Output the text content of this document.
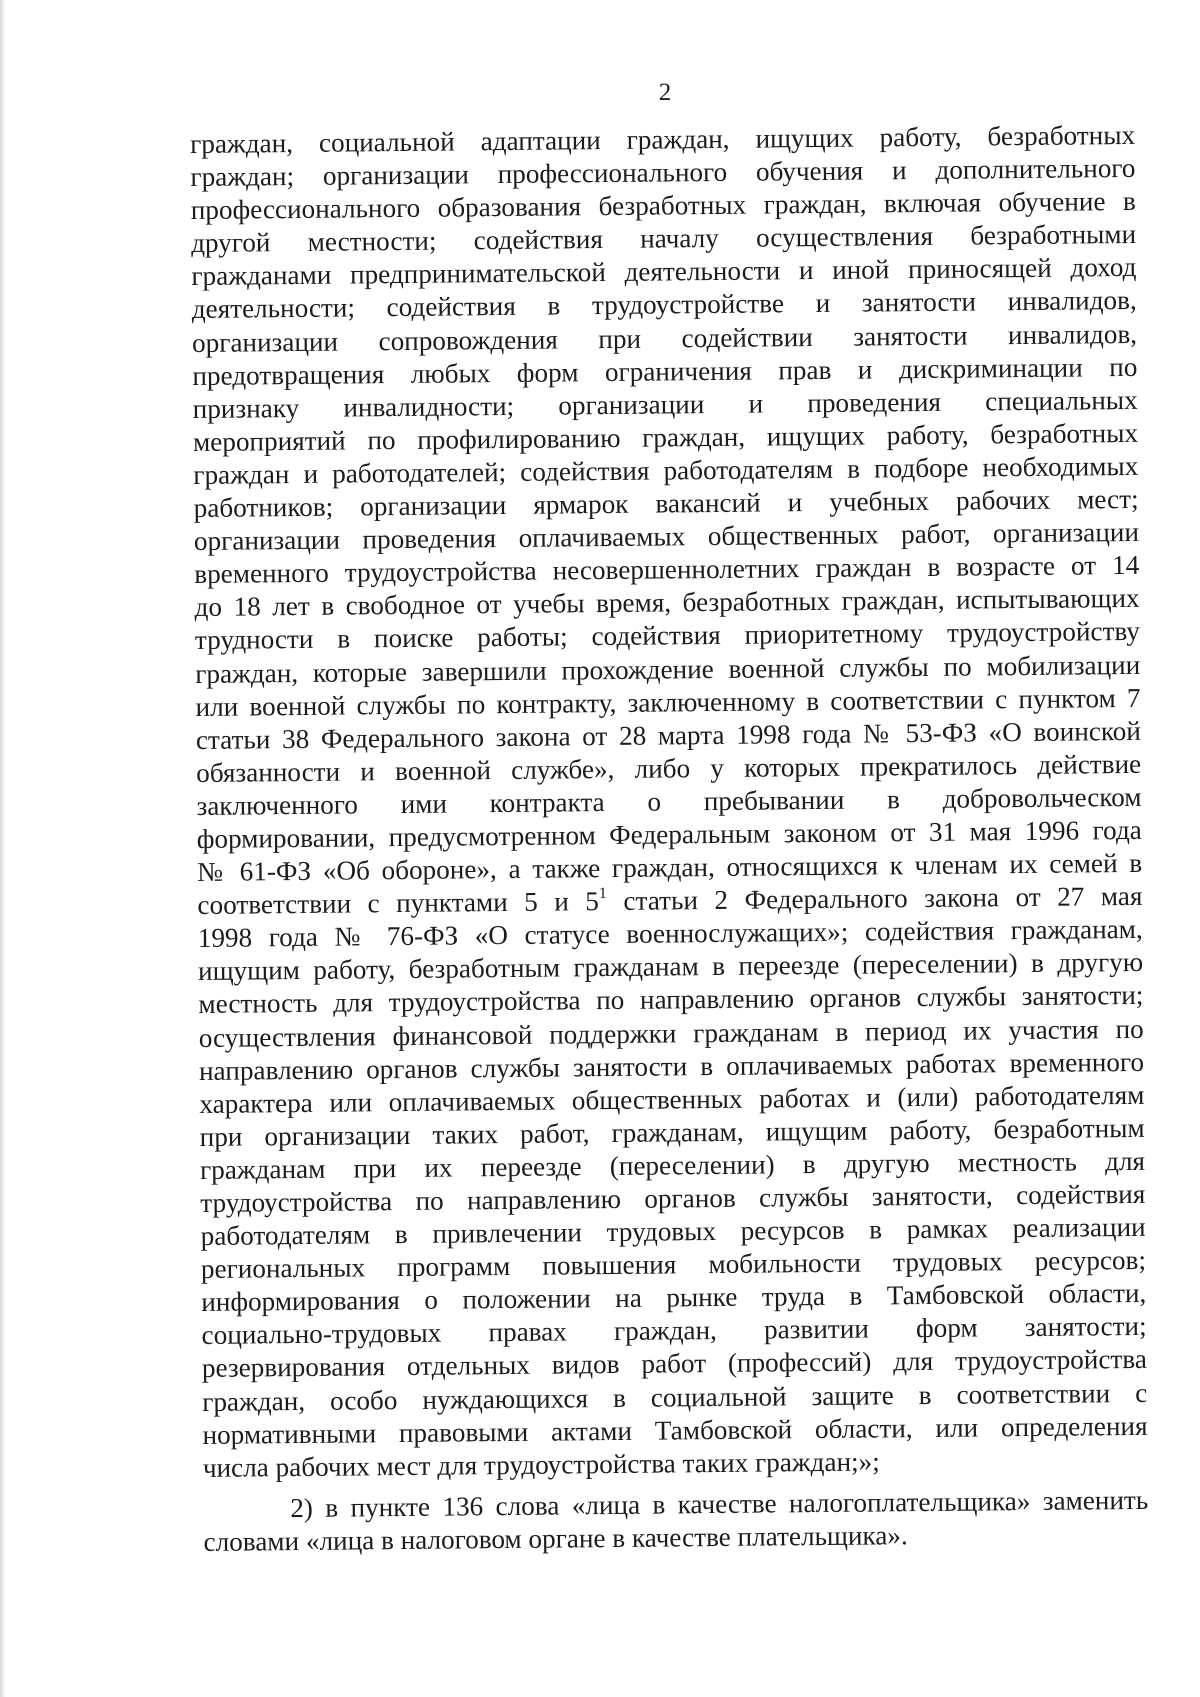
2
граждан, социальной адаптации граждан, ищущих работу, безработных
граждан; организации профессионального обучения и дополнительного
профессионального образования безработных граждан, включая обучение в
другой местности; содействия началу осуществления безработными
гражданами предпринимательской деятельности и иной приносящей доход
деятельности; содействия в трудоустройстве и занятости инвалидов,
организации сопровождения при содействии занятости инвалидов,
предотвращения любых форм ограничения прав и дискриминации по
признаку инвалидности; организации и проведения специальных
мероприятий по профилированию граждан, ищущих работу, безработных
граждан и работодателей; содействия работодателям в подборе необходимых
работников; организации ярмарок вакансий и учебных рабочих мест;
организации проведения оплачиваемых общественных работ, организации
временного трудоустройства несовершеннолетних граждан в возрасте от 14
до 18 лет в свободное от учебы время, безработных граждан, испытывающих
трудности в поиске работы; содействия приоритетному трудоустройству
граждан, которые завершили прохождение военной службы по мобилизации
или военной службы по контракту, заключенному в соответствии с пунктом 7
статьи 38 Федерального закона от 28 марта 1998 года № 53-ФЗ «О воинской
обязанности и военной службе», либо у которых прекратилось действие
заключенного ими контракта о пребывании в добровольческом
формировании, предусмотренном Федеральным законом от 31 мая 1996 года
№ 61-ФЗ «Об обороне», а также граждан, относящихся к членам их семей в
соответствии с пунктами 5 и $5^1$ статьи 2 Федерального закона от 27 мая
1998 года № 76-ФЗ «О статусе военнослужащих»; содействия гражданам,
ищущим работу, безработным гражданам в переезде (переселении) в другую
местность для трудоустройства по направлению органов службы занятости;
осуществления финансовой поддержки гражданам в период их участия по
направлению органов службы занятости в оплачиваемых работах временного
характера или оплачиваемых общественных работах и (или) работодателям
при организации таких работ, гражданам, ищущим работу, безработным
гражданам при их переезде (переселении) в другую местность для
трудоустройства по направлению органов службы занятости, содействия
работодателям в привлечении трудовых ресурсов в рамках реализации
региональных программ повышения мобильности трудовых ресурсов;
информирования о положении на рынке труда в Тамбовской области,
социально-трудовых правах граждан, развитии форм занятости;
резервирования отдельных видов работ (профессий) для трудоустройства
граждан, особо нуждающихся в социальной защите в соответствии с
нормативными правовыми актами Тамбовской области, или определения
числа рабочих мест для трудоустройства таких граждан;»;
2) в пункте 136 слова «лица в качестве налогоплательщика» заменить
словами «лица в налоговом органе в качестве плательщика».
